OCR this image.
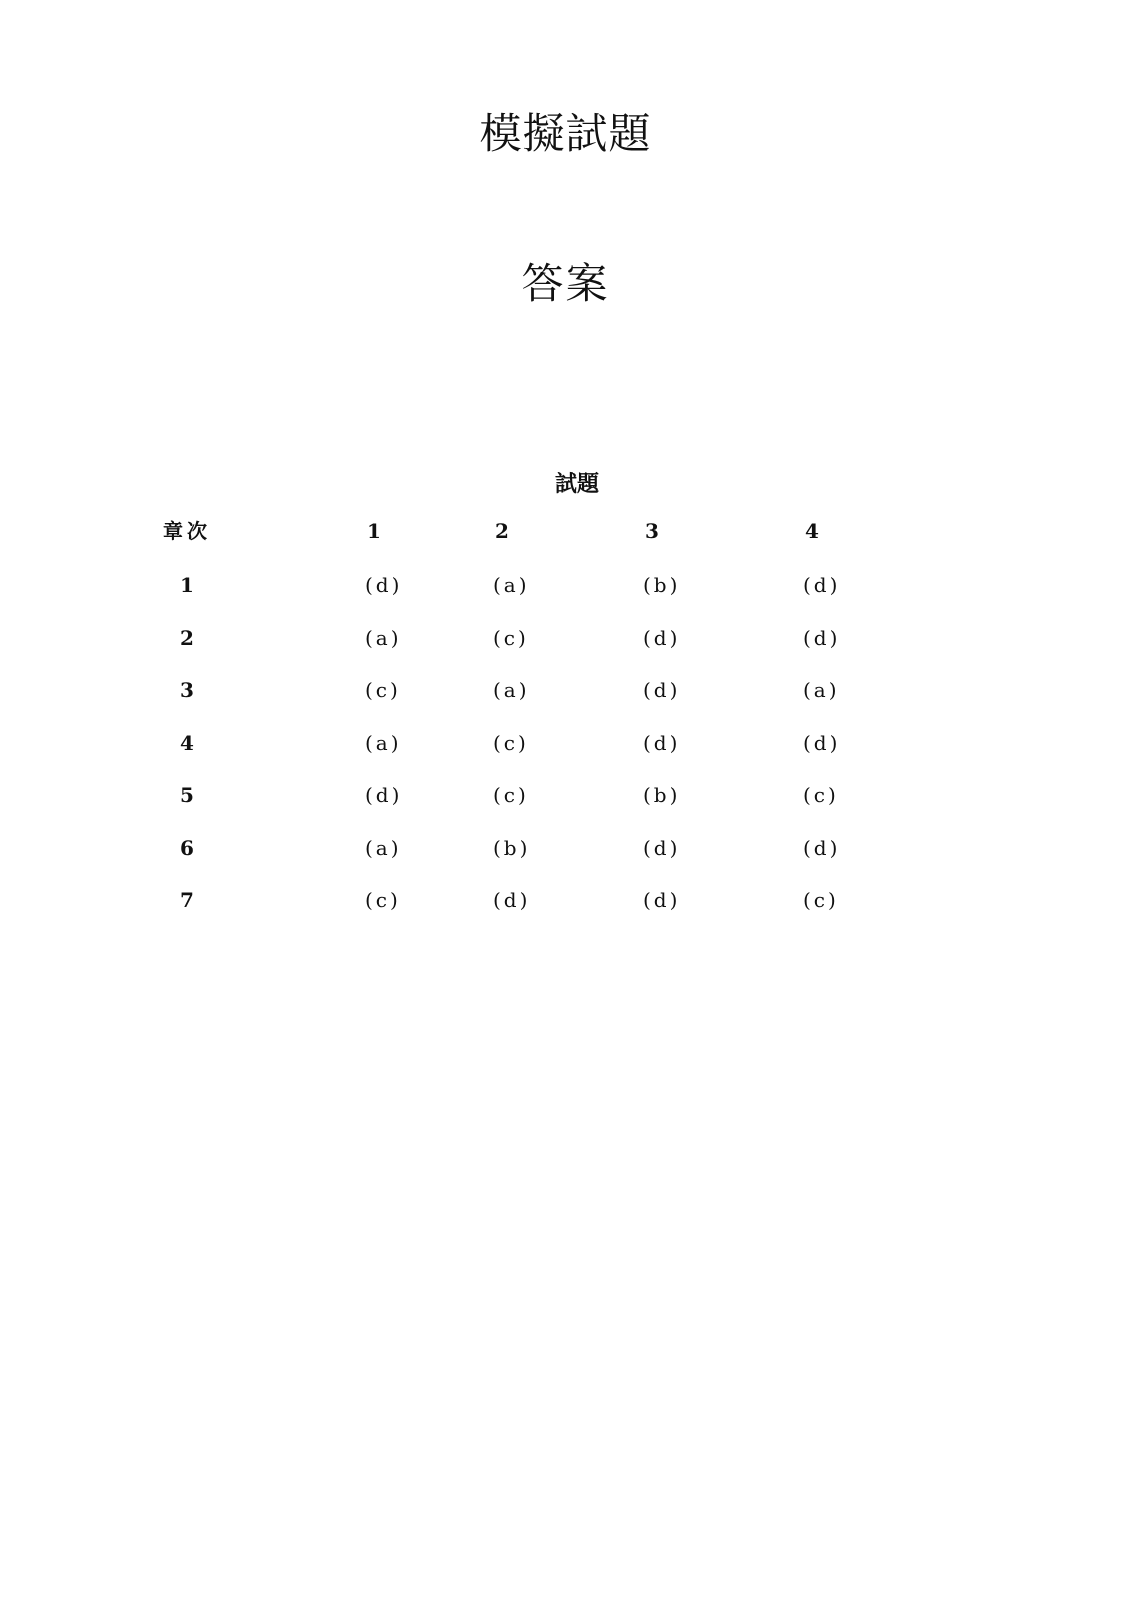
模擬試題
答案
試題
章次	1	2	3	4
1	(d)	(a)	(b)	(d)
2	(a)	(c)	(d)	(d)
3	(c)	(a)	(d)	(a)
4	(a)	(c)	(d)	(d)
5	(d)	(c)	(b)	(c)
6	(a)	(b)	(d)	(d)
7	(c)	(d)	(d)	(c)
